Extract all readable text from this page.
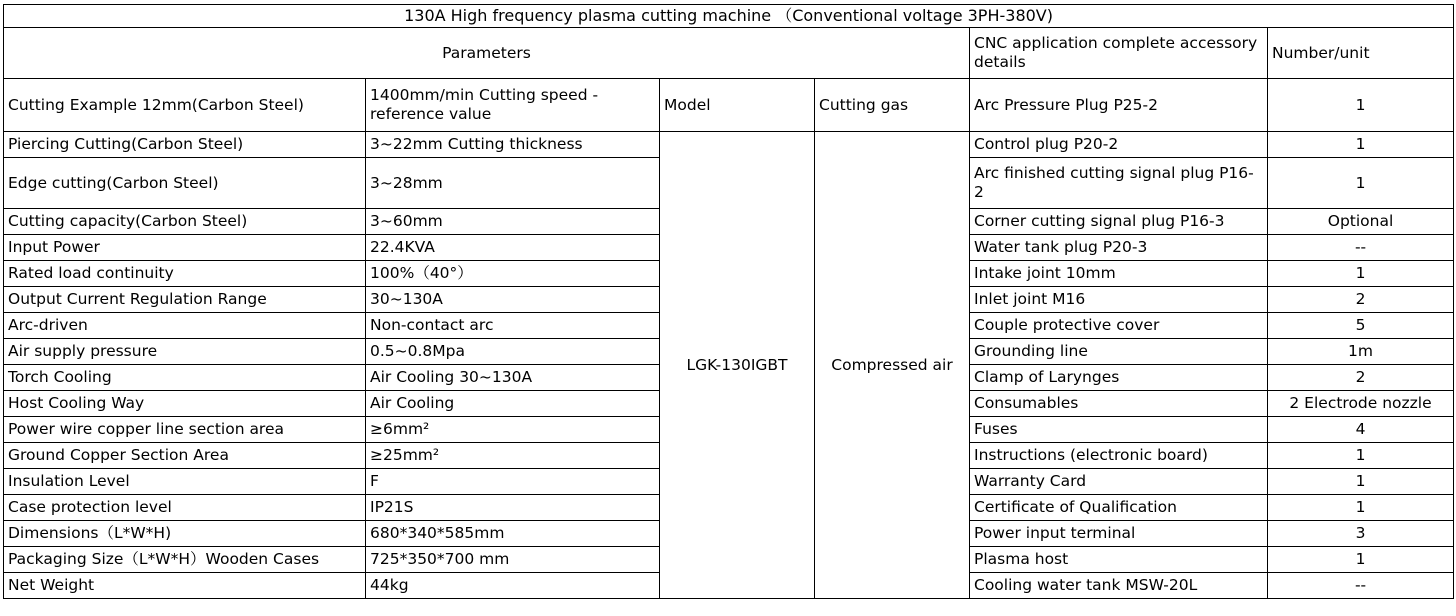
130A High frequency plasma cutting machine （Conventional voltage 3PH-380V)					
Parameters				CNC application complete accessory details	Number/unit
Cutting Example 12mm(Carbon Steel)	1400mm/min Cutting speed - reference value	Model	Cutting gas	Arc Pressure Plug P25-2	1
Piercing Cutting(Carbon Steel)	3~22mm Cutting thickness	LGK-130IGBT	Compressed air	Control plug P20-2	1
Edge cutting(Carbon Steel)	3~28mm			Arc finished cutting signal plug P16-2	1
Cutting capacity(Carbon Steel)	3~60mm			Corner cutting signal plug P16-3	Optional
Input Power	22.4KVA			Water tank plug P20-3	--
Rated load continuity	100%（40°）			Intake joint 10mm	1
Output Current Regulation Range	30~130A			Inlet joint M16	2
Arc-driven	Non-contact arc			Couple protective cover	5
Air supply pressure	0.5~0.8Mpa			Grounding line	1m
Torch Cooling	Air Cooling 30~130A			Clamp of Larynges	2
Host Cooling Way	Air Cooling			Consumables	2 Electrode nozzle
Power wire copper line section area	≥6mm²			Fuses	4
Ground Copper Section Area	≥25mm²			Instructions (electronic board)	1
Insulation Level	F			Warranty Card	1
Case protection level	IP21S			Certificate of Qualification	1
Dimensions（L*W*H)	680*340*585mm			Power input terminal	3
Packaging Size（L*W*H）Wooden Cases	725*350*700 mm			Plasma host	1
Net Weight	44kg			Cooling water tank MSW-20L	--
